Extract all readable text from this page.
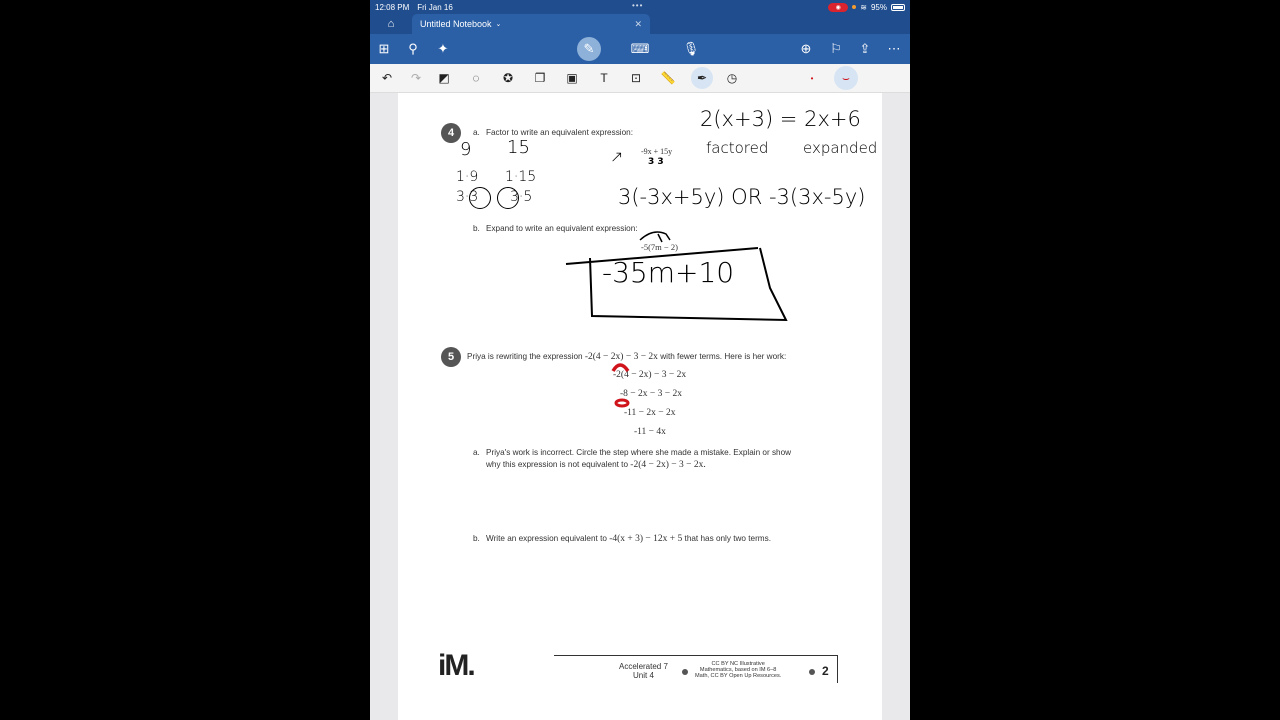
12:08 PM Fri Jan 16	•••	◉	≋ 95%
⌂	Untitled Notebook ⌄	✕
⊞ ⚲ ✦	✎	⌨	🎙	⊕ ⚐ ⇪ ⋯
↶ ↷ ◩	◌	✪ ❐ ▣	T	⊡ 📏	✒	◷	•	⌣
4	a. Factor to write an equivalent expression:
-9x + 15y
b. Expand to write an equivalent expression:
-5(7m − 2)
2(x+3) = 2x+6
factored expanded
↗	3 3
9 15
1·9 1·15
3·3 3·5	3(-3x+5y) OR -3(3x-5y)
-35m+10
5	Priya is rewriting the expression -2(4 − 2x) − 3 − 2x with fewer terms. Here is her work:
-2(4 − 2x) − 3 − 2x
-8 − 2x − 3 − 2x
-11 − 2x − 2x
-11 − 4x
a. Priya's work is incorrect. Circle the step where she made a mistake. Explain or show
why this expression is not equivalent to -2(4 − 2x) − 3 − 2x.
b. Write an expression equivalent to -4(x + 3) − 12x + 5 that has only two terms.
iM.	Accelerated 7
Unit 4
CC BY NC Illustrative
Mathematics, based on IM 6–8
Math, CC BY Open Up Resources.	2
